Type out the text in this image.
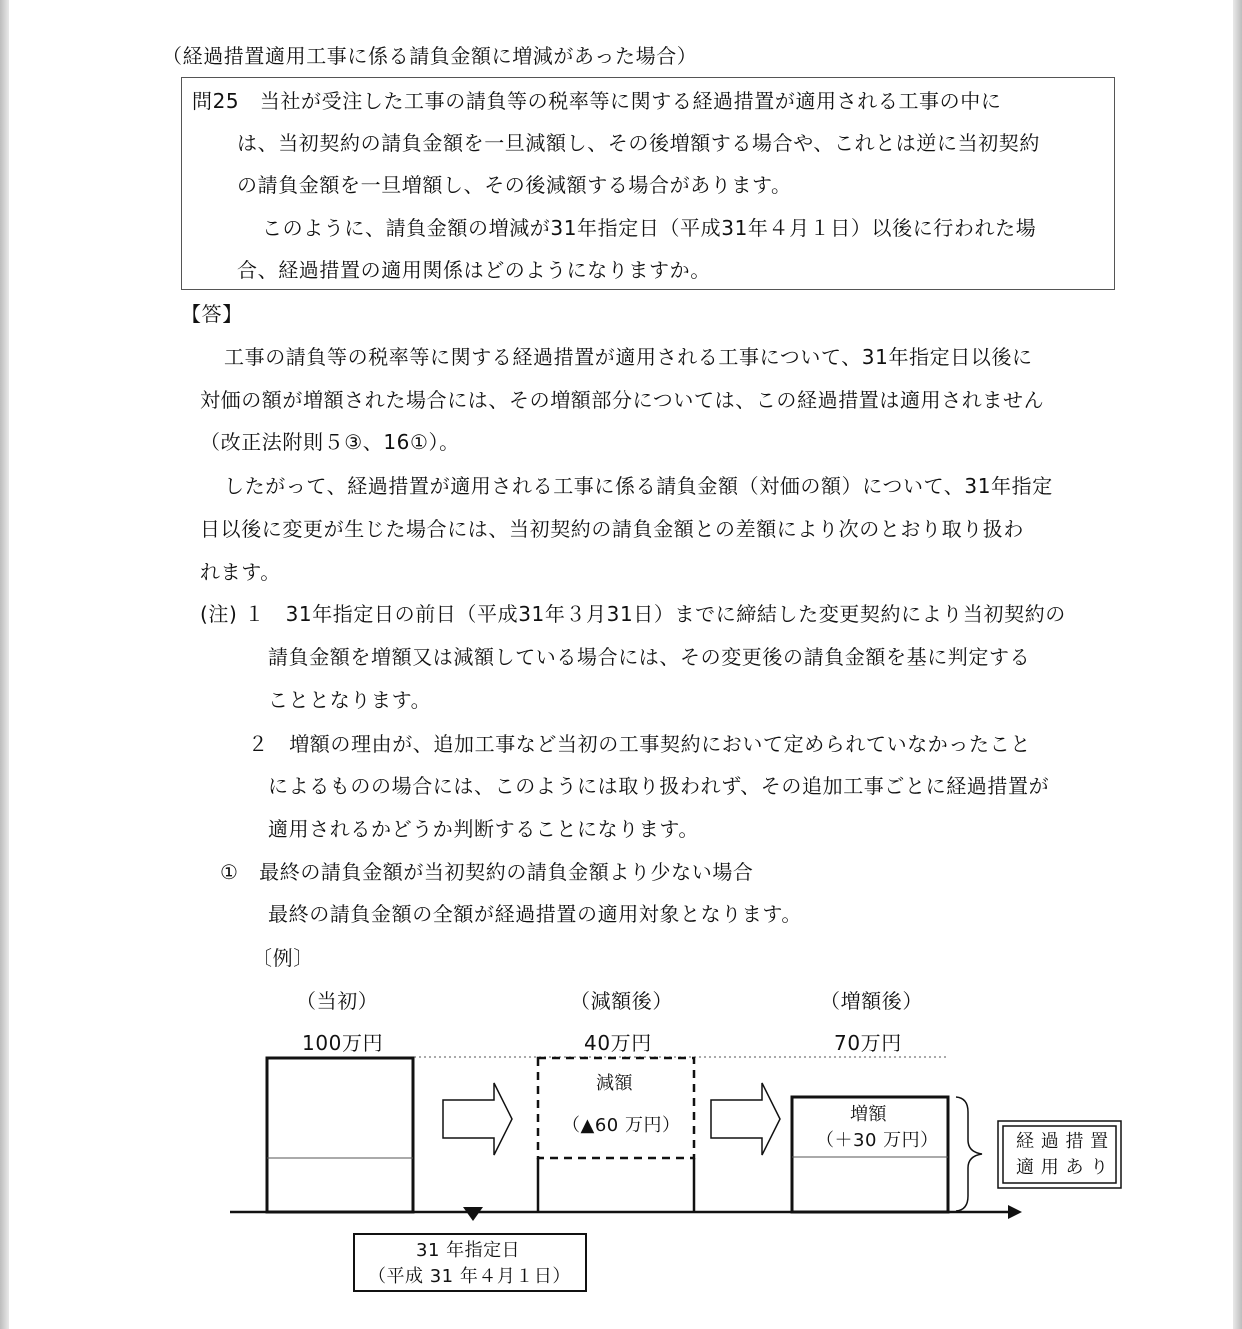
（経過措置適用工事に係る請負金額に増減があった場合）
問25　当社が受注した工事の請負等の税率等に関する経過措置が適用される工事の中に
は、当初契約の請負金額を一旦減額し、その後増額する場合や、これとは逆に当初契約
の請負金額を一旦増額し、その後減額する場合があります。
このように、請負金額の増減が31年指定日（平成31年４月１日）以後に行われた場
合、経過措置の適用関係はどのようになりますか。
【答】
工事の請負等の税率等に関する経過措置が適用される工事について、31年指定日以後に
対価の額が増額された場合には、その増額部分については、この経過措置は適用されません
（改正法附則５③、16①）。
したがって、経過措置が適用される工事に係る請負金額（対価の額）について、31年指定
日以後に変更が生じた場合には、当初契約の請負金額との差額により次のとおり取り扱わ
れます。
(注) １　31年指定日の前日（平成31年３月31日）までに締結した変更契約により当初契約の
請負金額を増額又は減額している場合には、その変更後の請負金額を基に判定する
こととなります。
２　増額の理由が、追加工事など当初の工事契約において定められていなかったこと
によるものの場合には、このようには取り扱われず、その追加工事ごとに経過措置が
適用されるかどうか判断することになります。
①　最終の請負金額が当初契約の請負金額より少ない場合
最終の請負金額の全額が経過措置の適用対象となります。
〔例〕
（当初）
100万円
（減額後）
40万円
（増額後）
70万円
減額
（▲60 万円）
増額
（＋30 万円）	経 過 措 置
適 用 あ り
31 年指定日
（平成 31 年４月１日）
